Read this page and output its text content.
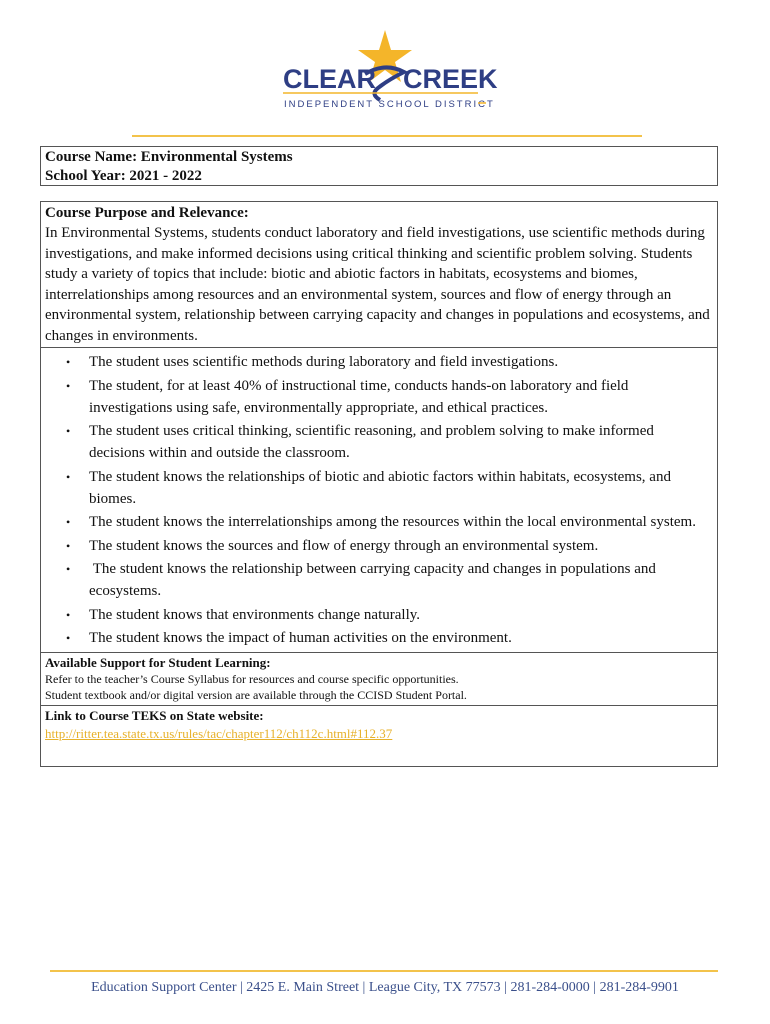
CLEAR CREEK
INDEPENDENT SCHOOL DISTRICT
Course Name: Environmental Systems
School Year: 2021 - 2022
Course Purpose and Relevance:
In Environmental Systems, students conduct laboratory and field investigations, use scientific methods during investigations, and make informed decisions using critical thinking and scientific problem solving. Students study a variety of topics that include: biotic and abiotic factors in habitats, ecosystems and biomes, interrelationships among resources and an environmental system, sources and flow of energy through an environmental system, relationship between carrying capacity and changes in populations and ecosystems, and changes in environments.
• The student uses scientific methods during laboratory and field investigations.
• The student, for at least 40% of instructional time, conducts hands-on laboratory and field investigations using safe, environmentally appropriate, and ethical practices.
• The student uses critical thinking, scientific reasoning, and problem solving to make informed decisions within and outside the classroom.
• The student knows the relationships of biotic and abiotic factors within habitats, ecosystems, and biomes.
• The student knows the interrelationships among the resources within the local environmental system.
• The student knows the sources and flow of energy through an environmental system.
• The student knows the relationship between carrying capacity and changes in populations and ecosystems.
• The student knows that environments change naturally.
• The student knows the impact of human activities on the environment.
Available Support for Student Learning:
Refer to the teacher’s Course Syllabus for resources and course specific opportunities.
Student textbook and/or digital version are available through the CCISD Student Portal.
Link to Course TEKS on State website:
http://ritter.tea.state.tx.us/rules/tac/chapter112/ch112c.html#112.37
Education Support Center | 2425 E. Main Street | League City, TX 77573 | 281-284-0000 | 281-284-9901
